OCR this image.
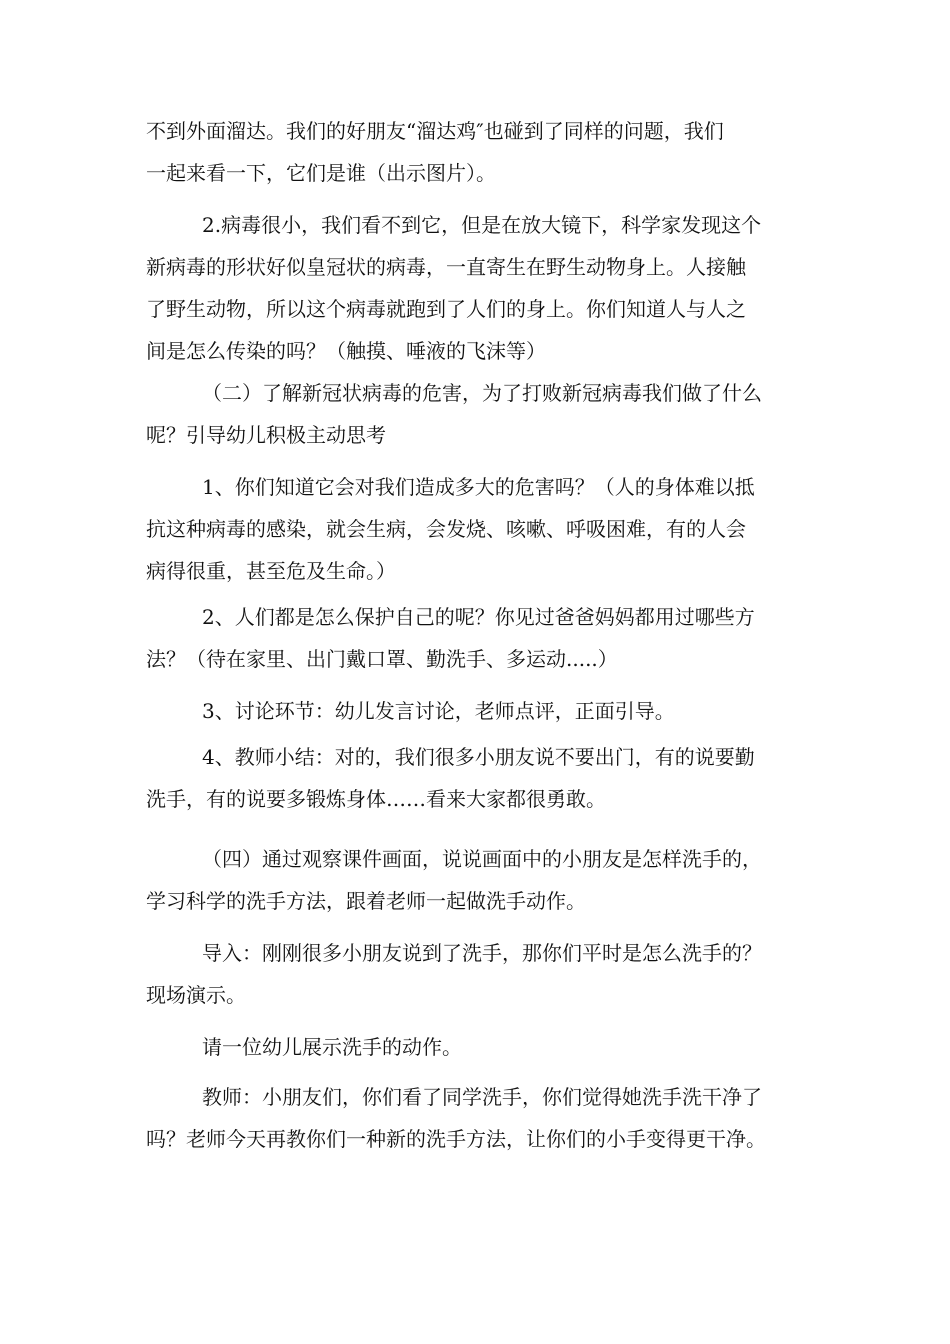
不到外面溜达。我们的好朋友“溜达鸡″也碰到了同样的问题，我们
一起来看一下，它们是谁（出示图片）。

2.病毒很小，我们看不到它，但是在放大镜下，科学家发现这个
新病毒的形状好似皇冠状的病毒，一直寄生在野生动物身上。人接触
了野生动物，所以这个病毒就跑到了人们的身上。你们知道人与人之
间是怎么传染的吗？（触摸、唾液的飞沫等）

（二）了解新冠状病毒的危害，为了打败新冠病毒我们做了什么
呢？引导幼儿积极主动思考

1、你们知道它会对我们造成多大的危害吗？（人的身体难以抵
抗这种病毒的感染，就会生病，会发烧、咳嗽、呼吸困难，有的人会
病得很重，甚至危及生命。）

2、人们都是怎么保护自己的呢？你见过爸爸妈妈都用过哪些方
法？（待在家里、出门戴口罩、勤洗手、多运动.....）

3、讨论环节：幼儿发言讨论，老师点评，正面引导。

4、教师小结：对的，我们很多小朋友说不要出门，有的说要勤
洗手，有的说要多锻炼身体……看来大家都很勇敢。

（四）通过观察课件画面，说说画面中的小朋友是怎样洗手的，
学习科学的洗手方法，跟着老师一起做洗手动作。

导入：刚刚很多小朋友说到了洗手，那你们平时是怎么洗手的？
现场演示。

请一位幼儿展示洗手的动作。

教师：小朋友们，你们看了同学洗手，你们觉得她洗手洗干净了
吗？老师今天再教你们一种新的洗手方法，让你们的小手变得更干净。
